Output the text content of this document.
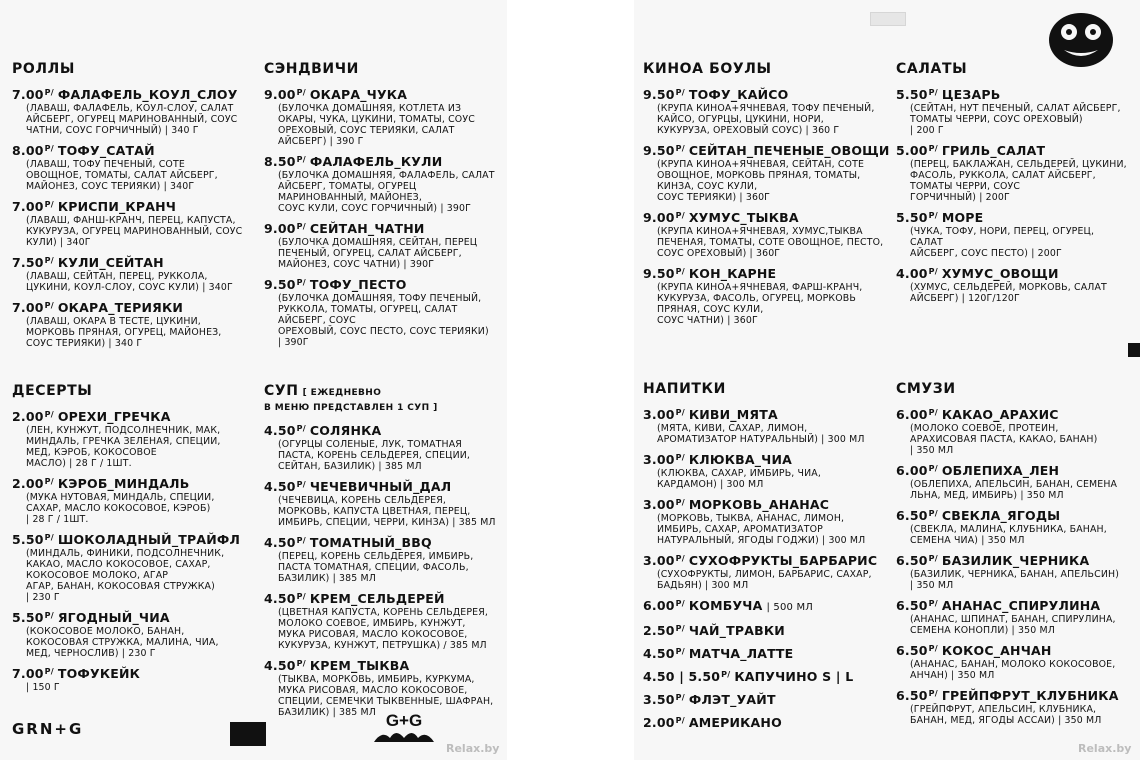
РОЛЛЫ
$7.00^{Р/}$ ФАЛАФЕЛЬ_КОУЛ_СЛОУ
(ЛАВАШ, ФАЛАФЕЛЬ, КОУЛ-СЛОУ, САЛАТ
АЙСБЕРГ, ОГУРЕЦ МАРИНОВАННЫЙ, СОУС
ЧАТНИ, СОУС ГОРЧИЧНЫЙ) | 340 Г
$8.00^{Р/}$ ТОФУ_САТАЙ
(ЛАВАШ, ТОФУ ПЕЧЕНЫЙ, СОТЕ
ОВОЩНОЕ, ТОМАТЫ, САЛАТ АЙСБЕРГ,
МАЙОНЕЗ, СОУС ТЕРИЯКИ) | 340Г
$7.00^{Р/}$ КРИСПИ_КРАНЧ
(ЛАВАШ, ФАНШ-КРАНЧ, ПЕРЕЦ, КАПУСТА,
КУКУРУЗА, ОГУРЕЦ МАРИНОВАННЫЙ, СОУС
КУЛИ) | 340Г
$7.50^{Р/}$ КУЛИ_СЕЙТАН
(ЛАВАШ, СЕЙТАН, ПЕРЕЦ, РУККОЛА,
ЦУКИНИ, КОУЛ-СЛОУ, СОУС КУЛИ) | 340Г
$7.00^{Р/}$ ОКАРА_ТЕРИЯКИ
(ЛАВАШ, ОКАРА В ТЕСТЕ, ЦУКИНИ,
МОРКОВЬ ПРЯНАЯ, ОГУРЕЦ, МАЙОНЕЗ,
СОУС ТЕРИЯКИ) | 340 Г
ДЕСЕРТЫ
$2.00^{Р/}$ ОРЕХИ_ГРЕЧКА
(ЛЕН, КУНЖУТ, ПОДСОЛНЕЧНИК, МАК,
МИНДАЛЬ, ГРЕЧКА ЗЕЛЕНАЯ, СПЕЦИИ,
МЕД, КЭРОБ, КОКОСОВОЕ
МАСЛО) | 28 Г / 1ШТ.
$2.00^{Р/}$ КЭРОБ_МИНДАЛЬ
(МУКА НУТОВАЯ, МИНДАЛЬ, СПЕЦИИ,
САХАР, МАСЛО КОКОСОВОЕ, КЭРОБ)
| 28 Г / 1ШТ.
$5.50^{Р/}$ ШОКОЛАДНЫЙ_ТРАЙФЛ
(МИНДАЛЬ, ФИНИКИ, ПОДСОЛНЕЧНИК,
КАКАО, МАСЛО КОКОСОВОЕ, САХАР,
КОКОСОВОЕ МОЛОКО, АГАР
АГАР, БАНАН, КОКОСОВАЯ СТРУЖКА)
| 230 Г
$5.50^{Р/}$ ЯГОДНЫЙ_ЧИА
(КОКОСОВОЕ МОЛОКО, БАНАН,
КОКОСОВАЯ СТРУЖКА, МАЛИНА, ЧИА,
МЕД, ЧЕРНОСЛИВ) | 230 Г
$7.00^{Р/}$ ТОФУКЕЙК
| 150 Г
СЭНДВИЧИ
$9.00^{Р/}$ ОКАРА_ЧУКА
(БУЛОЧКА ДОМАШНЯЯ, КОТЛЕТА ИЗ
ОКАРЫ, ЧУКА, ЦУКИНИ, ТОМАТЫ, СОУС
ОРЕХОВЫЙ, СОУС ТЕРИЯКИ, САЛАТ
АЙСБЕРГ) | 390 Г
$8.50^{Р/}$ ФАЛАФЕЛЬ_КУЛИ
(БУЛОЧКА ДОМАШНЯЯ, ФАЛАФЕЛЬ, САЛАТ
АЙСБЕРГ, ТОМАТЫ, ОГУРЕЦ
МАРИНОВАННЫЙ, МАЙОНЕЗ,
СОУС КУЛИ, СОУС ГОРЧИЧНЫЙ) | 390Г
$9.00^{Р/}$ СЕЙТАН_ЧАТНИ
(БУЛОЧКА ДОМАШНЯЯ, СЕЙТАН, ПЕРЕЦ
ПЕЧЕНЫЙ, ОГУРЕЦ, САЛАТ АЙСБЕРГ,
МАЙОНЕЗ, СОУС ЧАТНИ) | 390Г
$9.50^{Р/}$ ТОФУ_ПЕСТО
(БУЛОЧКА ДОМАШНЯЯ, ТОФУ ПЕЧЕНЫЙ,
РУККОЛА, ТОМАТЫ, ОГУРЕЦ, САЛАТ
АЙСБЕРГ, СОУС
ОРЕХОВЫЙ, СОУС ПЕСТО, СОУС ТЕРИЯКИ)
| 390Г
СУП [ ЕЖЕДНЕВНО
В МЕНЮ ПРЕДСТАВЛЕН 1 СУП ]
$4.50^{Р/}$ СОЛЯНКА
(ОГУРЦЫ СОЛЕНЫЕ, ЛУК, ТОМАТНАЯ
ПАСТА, КОРЕНЬ СЕЛЬДЕРЕЯ, СПЕЦИИ,
СЕЙТАН, БАЗИЛИК) | 385 МЛ
$4.50^{Р/}$ ЧЕЧЕВИЧНЫЙ_ДАЛ
(ЧЕЧЕВИЦА, КОРЕНЬ СЕЛЬДЕРЕЯ,
МОРКОВЬ, КАПУСТА ЦВЕТНАЯ, ПЕРЕЦ,
ИМБИРЬ, СПЕЦИИ, ЧЕРРИ, КИНЗА) | 385 МЛ
$4.50^{Р/}$ ТОМАТНЫЙ_BBQ
(ПЕРЕЦ, КОРЕНЬ СЕЛЬДЕРЕЯ, ИМБИРЬ,
ПАСТА ТОМАТНАЯ, СПЕЦИИ, ФАСОЛЬ,
БАЗИЛИК) | 385 МЛ
$4.50^{Р/}$ КРЕМ_СЕЛЬДЕРЕЙ
(ЦВЕТНАЯ КАПУСТА, КОРЕНЬ СЕЛЬДЕРЕЯ,
МОЛОКО СОЕВОЕ, ИМБИРЬ, КУНЖУТ,
МУКА РИСОВАЯ, МАСЛО КОКОСОВОЕ,
КУКУРУЗА, КУНЖУТ, ПЕТРУШКА) / 385 МЛ
$4.50^{Р/}$ КРЕМ_ТЫКВА
(ТЫКВА, МОРКОВЬ, ИМБИРЬ, КУРКУМА,
МУКА РИСОВАЯ, МАСЛО КОКОСОВОЕ,
СПЕЦИИ, СЕМЕЧКИ ТЫКВЕННЫЕ, ШАФРАН,
БАЗИЛИК) | 385 МЛ
GRN+G	G+G
Relax.by
КИНОА БОУЛЫ
$9.50^{Р/}$ ТОФУ_КАЙСО
(КРУПА КИНОА+ЯЧНЕВАЯ, ТОФУ ПЕЧЕНЫЙ,
КАЙСО, ОГУРЦЫ, ЦУКИНИ, НОРИ,
КУКУРУЗА, ОРЕХОВЫЙ СОУС) | 360 Г
$9.50^{Р/}$ СЕЙТАН_ПЕЧЕНЫЕ_ОВОЩИ
(КРУПА КИНОА+ЯЧНЕВАЯ, СЕЙТАН, СОТЕ
ОВОЩНОЕ, МОРКОВЬ ПРЯНАЯ, ТОМАТЫ,
КИНЗА, СОУС КУЛИ,
СОУС ТЕРИЯКИ) | 360Г
$9.00^{Р/}$ ХУМУС_ТЫКВА
(КРУПА КИНОА+ЯЧНЕВАЯ, ХУМУС,ТЫКВА
ПЕЧЕНАЯ, ТОМАТЫ, СОТЕ ОВОЩНОЕ, ПЕСТО,
СОУС ОРЕХОВЫЙ) | 360Г
$9.50^{Р/}$ КОН_КАРНЕ
(КРУПА КИНОА+ЯЧНЕВАЯ, ФАРШ-КРАНЧ,
КУКУРУЗА, ФАСОЛЬ, ОГУРЕЦ, МОРКОВЬ
ПРЯНАЯ, СОУС КУЛИ,
СОУС ЧАТНИ) | 360Г
НАПИТКИ
$3.00^{Р/}$ КИВИ_МЯТА
(МЯТА, КИВИ, САХАР, ЛИМОН,
АРОМАТИЗАТОР НАТУРАЛЬНЫЙ) | 300 МЛ
$3.00^{Р/}$ КЛЮКВА_ЧИА
(КЛЮКВА, САХАР, ИМБИРЬ, ЧИА,
КАРДАМОН) | 300 МЛ
$3.00^{Р/}$ МОРКОВЬ_АНАНАС
(МОРКОВЬ, ТЫКВА, АНАНАС, ЛИМОН,
ИМБИРЬ, САХАР, АРОМАТИЗАТОР
НАТУРАЛЬНЫЙ, ЯГОДЫ ГОДЖИ) | 300 МЛ
$3.00^{Р/}$ СУХОФРУКТЫ_БАРБАРИС
(СУХОФРУКТЫ, ЛИМОН, БАРБАРИС, САХАР,
БАДЬЯН) | 300 МЛ
$6.00^{Р/}$ КОМБУЧА | 500 МЛ
$2.50^{Р/}$ ЧАЙ_ТРАВКИ
$4.50^{Р/}$ МАТЧА_ЛАТТЕ
4.50 | $5.50^{Р/}$ КАПУЧИНО S | L
$3.50^{Р/}$ ФЛЭТ_УАЙТ
$2.00^{Р/}$ АМЕРИКАНО
САЛАТЫ
$5.50^{Р/}$ ЦЕЗАРЬ
(СЕЙТАН, НУТ ПЕЧЕНЫЙ, САЛАТ АЙСБЕРГ,
ТОМАТЫ ЧЕРРИ, СОУС ОРЕХОВЫЙ)
| 200 Г
$5.00^{Р/}$ ГРИЛЬ_САЛАТ
(ПЕРЕЦ, БАКЛАЖАН, СЕЛЬДЕРЕЙ, ЦУКИНИ,
ФАСОЛЬ, РУККОЛА, САЛАТ АЙСБЕРГ,
ТОМАТЫ ЧЕРРИ, СОУС
ГОРЧИЧНЫЙ) | 200Г
$5.50^{Р/}$ МОРЕ
(ЧУКА, ТОФУ, НОРИ, ПЕРЕЦ, ОГУРЕЦ, САЛАТ
АЙСБЕРГ, СОУС ПЕСТО) | 200Г
$4.00^{Р/}$ ХУМУС_ОВОЩИ
(ХУМУС, СЕЛЬДЕРЕЙ, МОРКОВЬ, САЛАТ
АЙСБЕРГ) | 120Г/120Г
СМУЗИ
$6.00^{Р/}$ КАКАО_АРАХИС
(МОЛОКО СОЕВОЕ, ПРОТЕИН,
АРАХИСОВАЯ ПАСТА, КАКАО, БАНАН)
| 350 МЛ
$6.00^{Р/}$ ОБЛЕПИХА_ЛЕН
(ОБЛЕПИХА, АПЕЛЬСИН, БАНАН, СЕМЕНА
ЛЬНА, МЕД, ИМБИРЬ) | 350 МЛ
$6.50^{Р/}$ СВЕКЛА_ЯГОДЫ
(СВЕКЛА, МАЛИНА, КЛУБНИКА, БАНАН,
СЕМЕНА ЧИА) | 350 МЛ
$6.50^{Р/}$ БАЗИЛИК_ЧЕРНИКА
(БАЗИЛИК, ЧЕРНИКА, БАНАН, АПЕЛЬСИН)
| 350 МЛ
$6.50^{Р/}$ АНАНАС_СПИРУЛИНА
(АНАНАС, ШПИНАТ, БАНАН, СПИРУЛИНА,
СЕМЕНА КОНОПЛИ) | 350 МЛ
$6.50^{Р/}$ КОКОС_АНЧАН
(АНАНАС, БАНАН, МОЛОКО КОКОСОВОЕ,
АНЧАН) | 350 МЛ
$6.50^{Р/}$ ГРЕЙПФРУТ_КЛУБНИКА
(ГРЕЙПФРУТ, АПЕЛЬСИН, КЛУБНИКА,
БАНАН, МЕД, ЯГОДЫ АССАИ) | 350 МЛ
Relax.by
